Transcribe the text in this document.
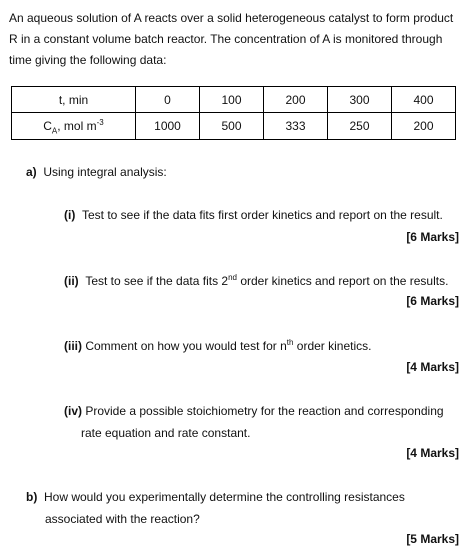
An aqueous solution of A reacts over a solid heterogeneous catalyst to form product
R in a constant volume batch reactor. The concentration of A is monitored through
time giving the following data:
t, min	0	100	200	300	400
$C_A$, mol $m^{-3}$	1000	500	333	250	200
a) Using integral analysis:
(i) Test to see if the data fits first order kinetics and report on the result.
[6 Marks]
(ii) Test to see if the data fits 2nd order kinetics and report on the results.
[6 Marks]
(iii) Comment on how you would test for $n^{th}$ order kinetics.
[4 Marks]
(iv) Provide a possible stoichiometry for the reaction and corresponding
rate equation and rate constant.
[4 Marks]
b) How would you experimentally determine the controlling resistances
associated with the reaction?
[5 Marks]
